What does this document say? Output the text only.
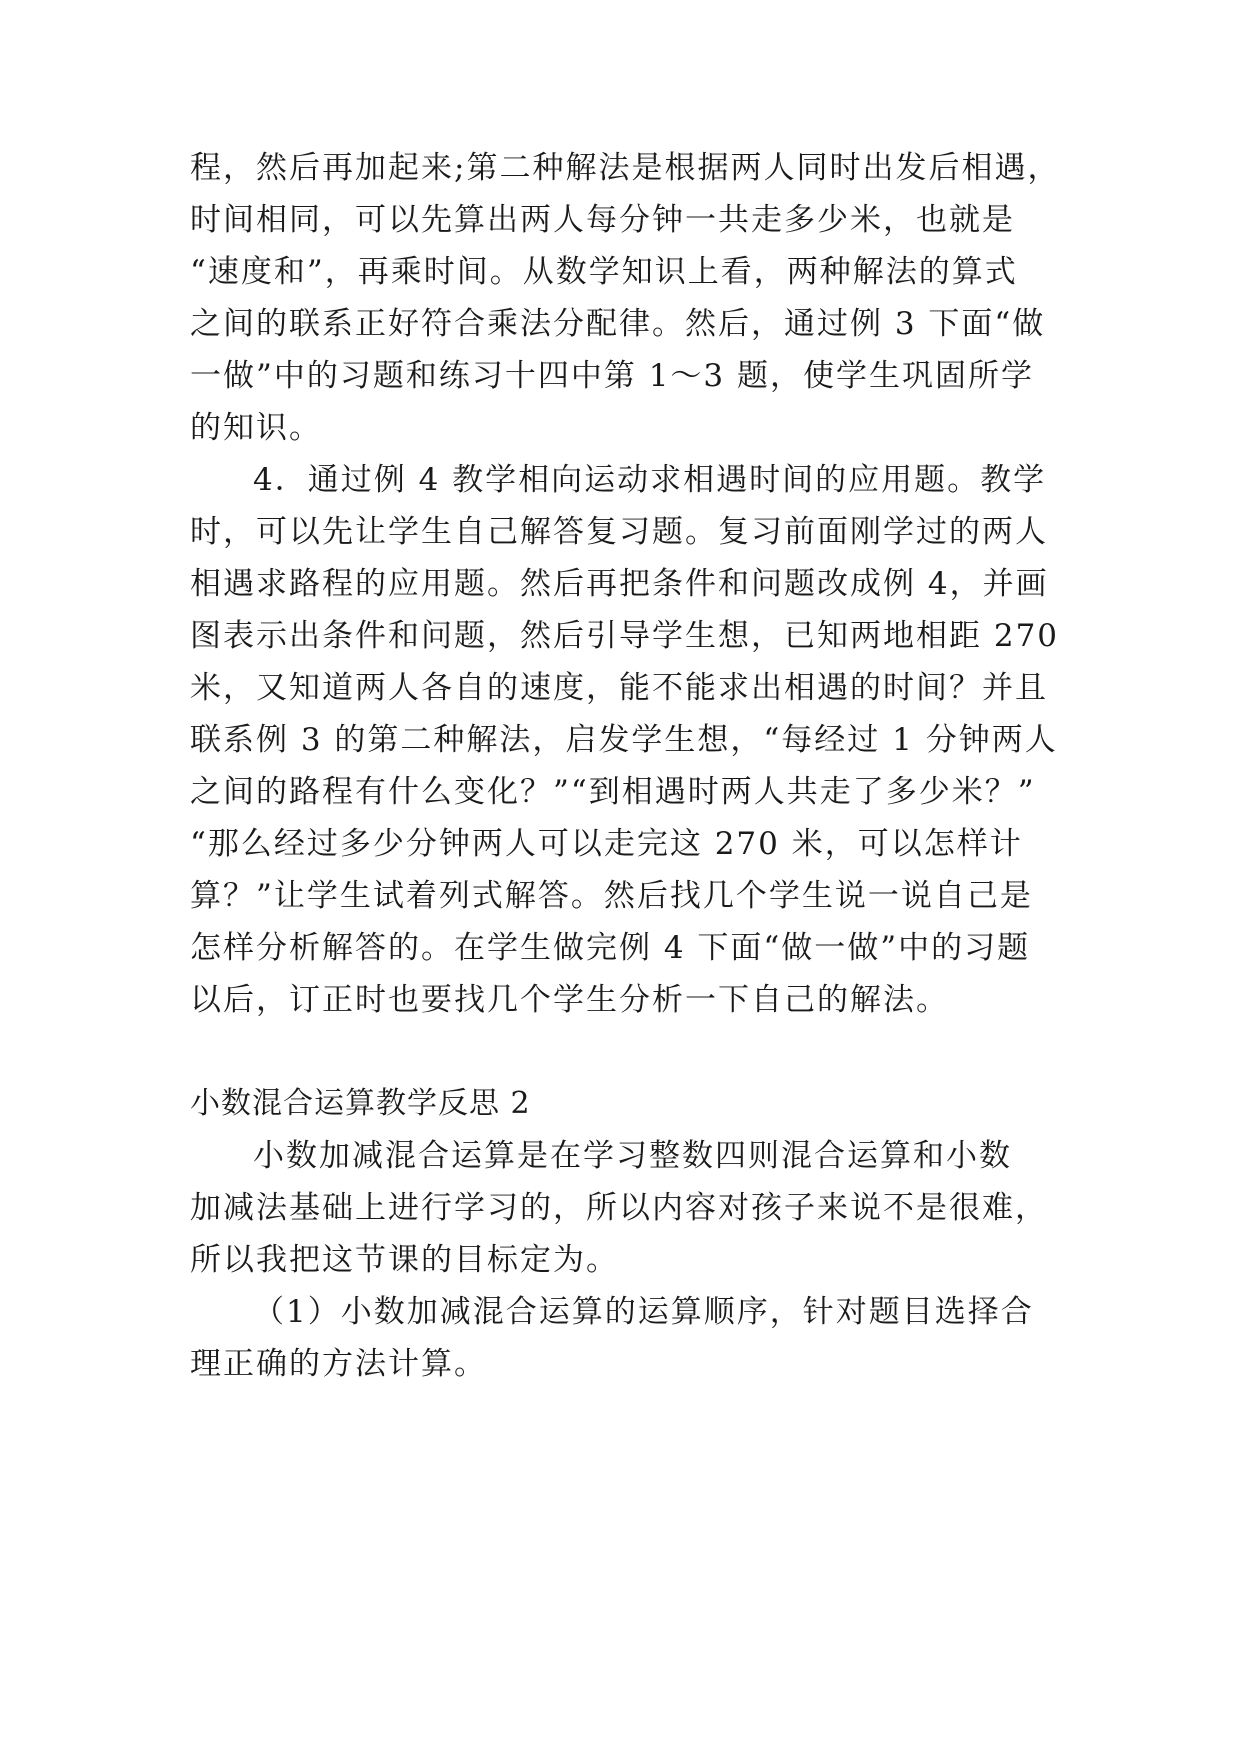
程，然后再加起来;第二种解法是根据两人同时出发后相遇，
时间相同，可以先算出两人每分钟一共走多少米，也就是
“速度和”，再乘时间。从数学知识上看，两种解法的算式
之间的联系正好符合乘法分配律。然后，通过例 3 下面“做
一做”中的习题和练习十四中第 1～3 题，使学生巩固所学
的知识。
4．通过例 4 教学相向运动求相遇时间的应用题。教学
时，可以先让学生自己解答复习题。复习前面刚学过的两人
相遇求路程的应用题。然后再把条件和问题改成例 4，并画
图表示出条件和问题，然后引导学生想，已知两地相距 270
米，又知道两人各自的速度，能不能求出相遇的时间？并且
联系例 3 的第二种解法，启发学生想，“每经过 1 分钟两人
之间的路程有什么变化？”“到相遇时两人共走了多少米？”
“那么经过多少分钟两人可以走完这 270 米，可以怎样计
算？”让学生试着列式解答。然后找几个学生说一说自己是
怎样分析解答的。在学生做完例 4 下面“做一做”中的习题
以后，订正时也要找几个学生分析一下自己的解法。
小数混合运算教学反思 2
小数加减混合运算是在学习整数四则混合运算和小数
加减法基础上进行学习的，所以内容对孩子来说不是很难，
所以我把这节课的目标定为。
（1）小数加减混合运算的运算顺序，针对题目选择合
理正确的方法计算。
